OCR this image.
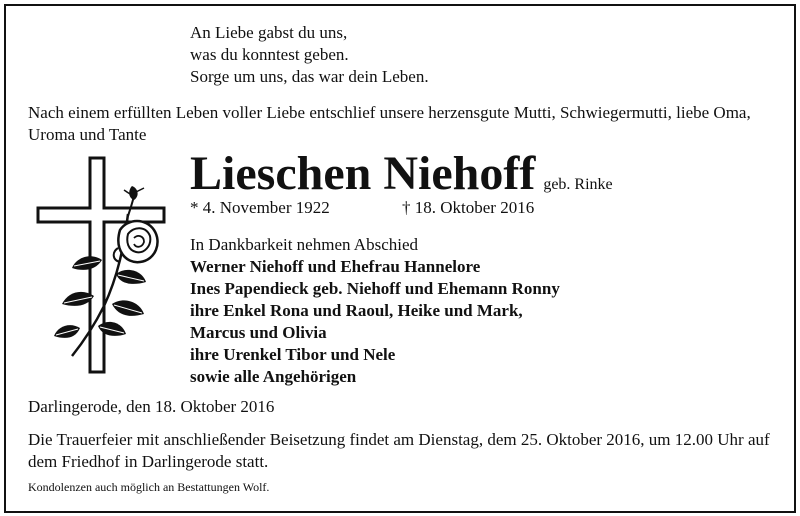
An Liebe gabst du uns,
was du konntest geben.
Sorge um uns, das war dein Leben.
Nach einem erfüllten Leben voller Liebe entschlief unsere herzensgute Mutti, Schwiegermutti, liebe Oma, Uroma und Tante
Lieschen Niehoff geb. Rinke
* 4. November 1922	† 18. Oktober 2016
In Dankbarkeit nehmen Abschied
Werner Niehoff und Ehefrau Hannelore
Ines Papendieck geb. Niehoff und Ehemann Ronny
ihre Enkel Rona und Raoul, Heike und Mark,
Marcus und Olivia
ihre Urenkel Tibor und Nele
sowie alle Angehörigen
Darlingerode, den 18. Oktober 2016
Die Trauerfeier mit anschließender Beisetzung findet am Dienstag, dem 25. Oktober 2016, um 12.00 Uhr auf dem Friedhof in Darlingerode statt.
Kondolenzen auch möglich an Bestattungen Wolf.
